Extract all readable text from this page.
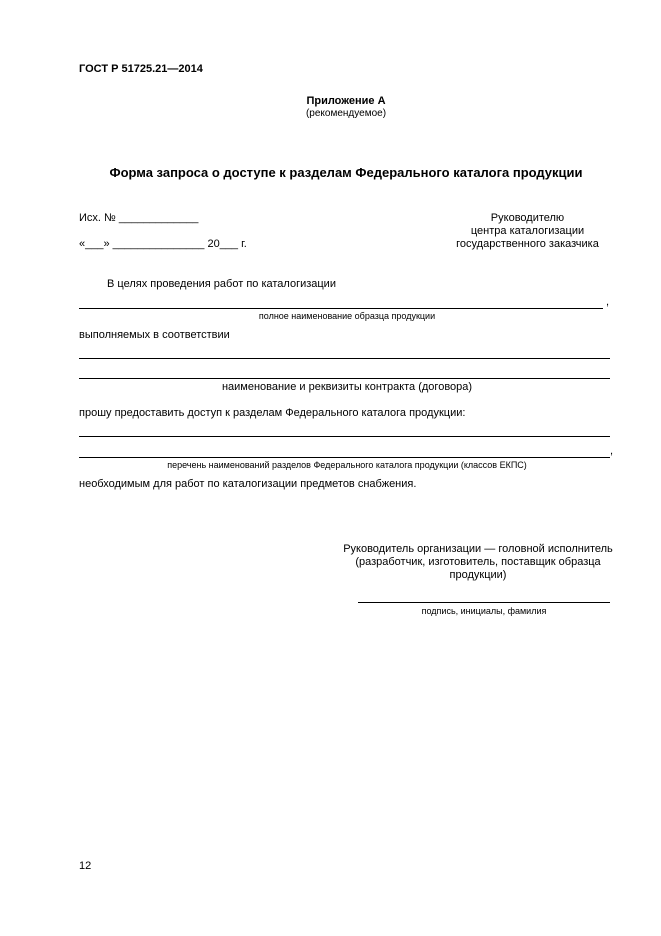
ГОСТ Р 51725.21—2014
Приложение А
(рекомендуемое)
Форма запроса о доступе к разделам Федерального каталога продукции
Исх. № _____________
«___» _______________ 20___ г.
Руководителю
центра каталогизации
государственного заказчика
В целях проведения работ по каталогизации
,
полное наименование образца продукции
выполняемых в соответствии
наименование и реквизиты контракта (договора)
прошу предоставить доступ к разделам Федерального каталога продукции:
,
перечень наименований разделов Федерального каталога продукции (классов ЕКПС)
необходимым для работ по каталогизации предметов снабжения.
Руководитель организации — головной исполнитель
(разработчик, изготовитель, поставщик образца
продукции)
подпись, инициалы, фамилия
12
